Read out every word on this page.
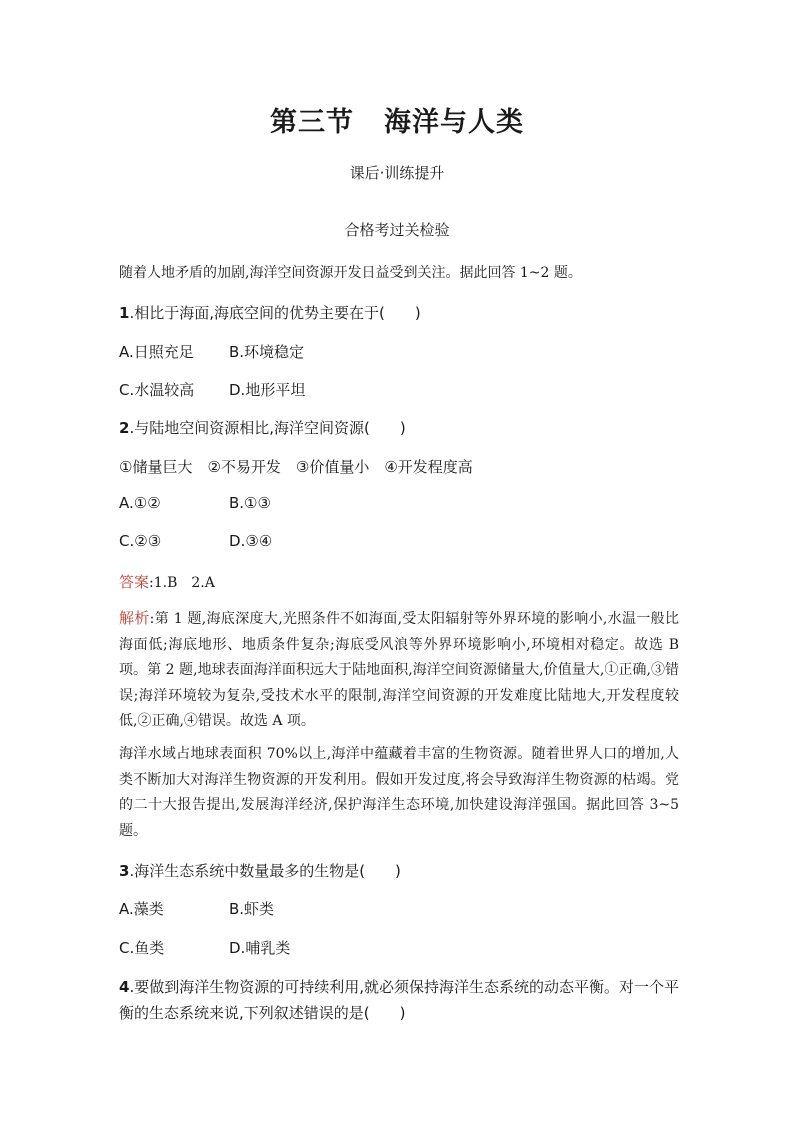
第三节 海洋与人类
课后·训练提升
合格考过关检验
随着人地矛盾的加剧,海洋空间资源开发日益受到关注。据此回答 1~2 题。
1.相比于海面,海底空间的优势主要在于(　　)
A.日照充足 B.环境稳定
C.水温较高 D.地形平坦
2.与陆地空间资源相比,海洋空间资源(　　)
①储量巨大　②不易开发　③价值量小　④开发程度高
A.①②	B.①③
C.②③	D.③④
答案:1.B　2.A
解析:第 1 题,海底深度大,光照条件不如海面,受太阳辐射等外界环境的影响小,水温一般比海面低;海底地形、地质条件复杂;海底受风浪等外界环境影响小,环境相对稳定。故选 B 项。第 2 题,地球表面海洋面积远大于陆地面积,海洋空间资源储量大,价值量大,①正确,③错误;海洋环境较为复杂,受技术水平的限制,海洋空间资源的开发难度比陆地大,开发程度较低,②正确,④错误。故选 A 项。
海洋水域占地球表面积 70%以上,海洋中蕴藏着丰富的生物资源。随着世界人口的增加,人类不断加大对海洋生物资源的开发利用。假如开发过度,将会导致海洋生物资源的枯竭。党的二十大报告提出,发展海洋经济,保护海洋生态环境,加快建设海洋强国。据此回答 3~5 题。
3.海洋生态系统中数量最多的生物是(　　)
A.藻类	B.虾类
C.鱼类	D.哺乳类
4.要做到海洋生物资源的可持续利用,就必须保持海洋生态系统的动态平衡。对一个平衡的生态系统来说,下列叙述错误的是(　　)
